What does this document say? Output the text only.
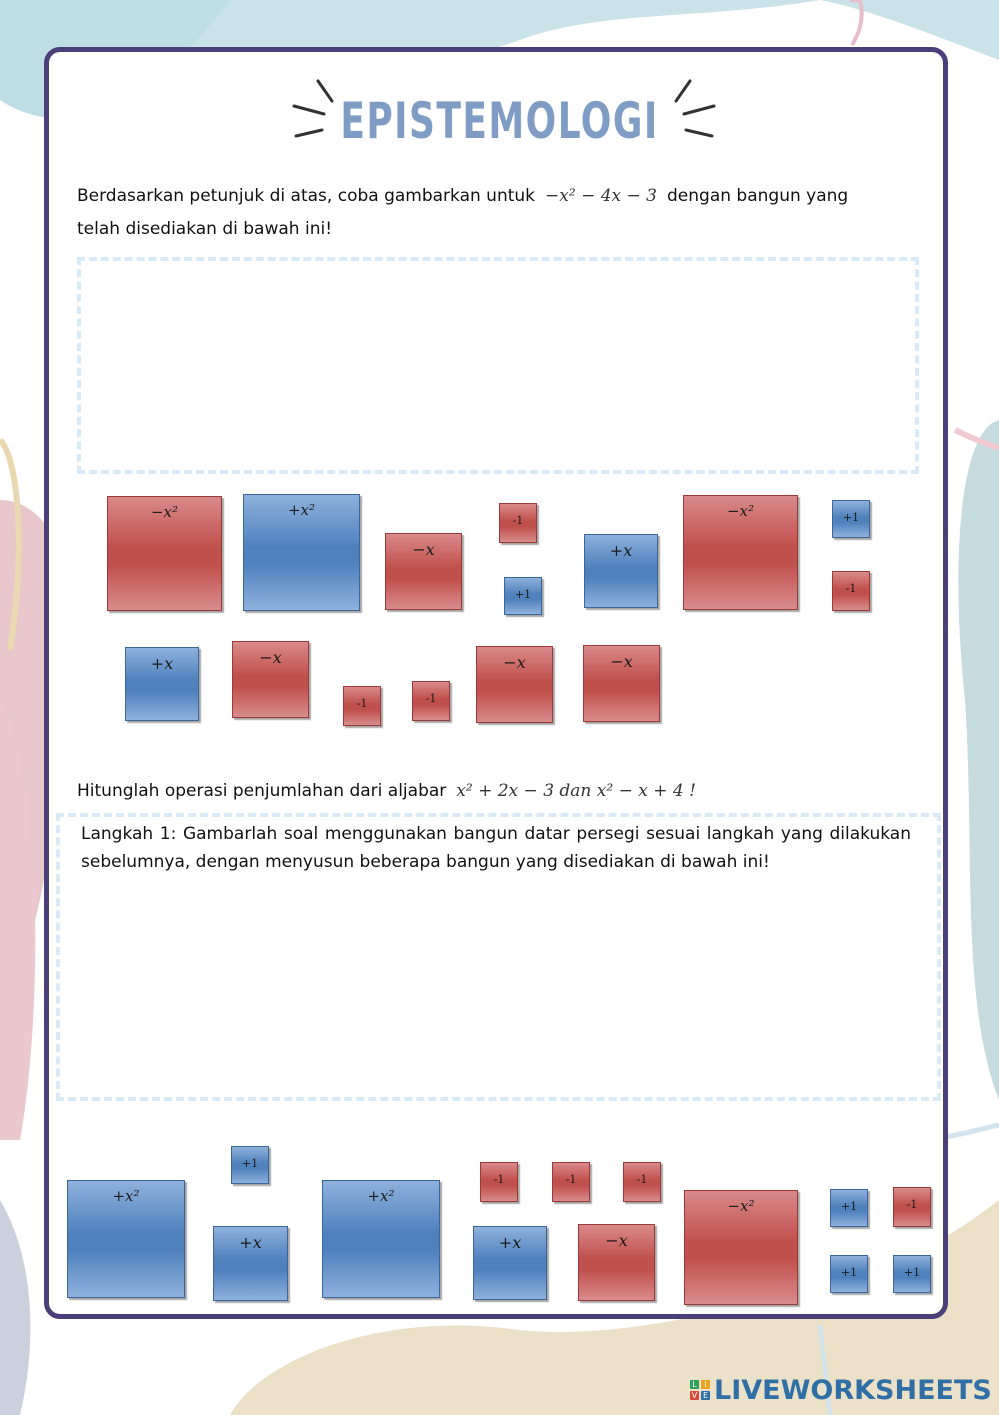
EPISTEMOLOGI
Berdasarkan petunjuk di atas, coba gambarkan untuk −x² − 4x − 3 dengan bangun yang
telah disediakan di bawah ini!
−x²	+x²
−x
-1
+1
+x
−x²	+1
-1
+x	−x
-1	-1
−x	−x
Hitunglah operasi penjumlahan dari aljabar x² + 2x − 3 dan x² − x + 4 !
Langkah 1: Gambarlah soal menggunakan bangun datar persegi sesuai langkah yang dilakukan sebelumnya, dengan menyusun beberapa bangun yang disediakan di bawah ini!
+x²
+1
+x
+x²
-1	-1	-1
+x	−x
−x²	+1	-1
+1	+1
L I
V E LIVEWORKSHEETS
